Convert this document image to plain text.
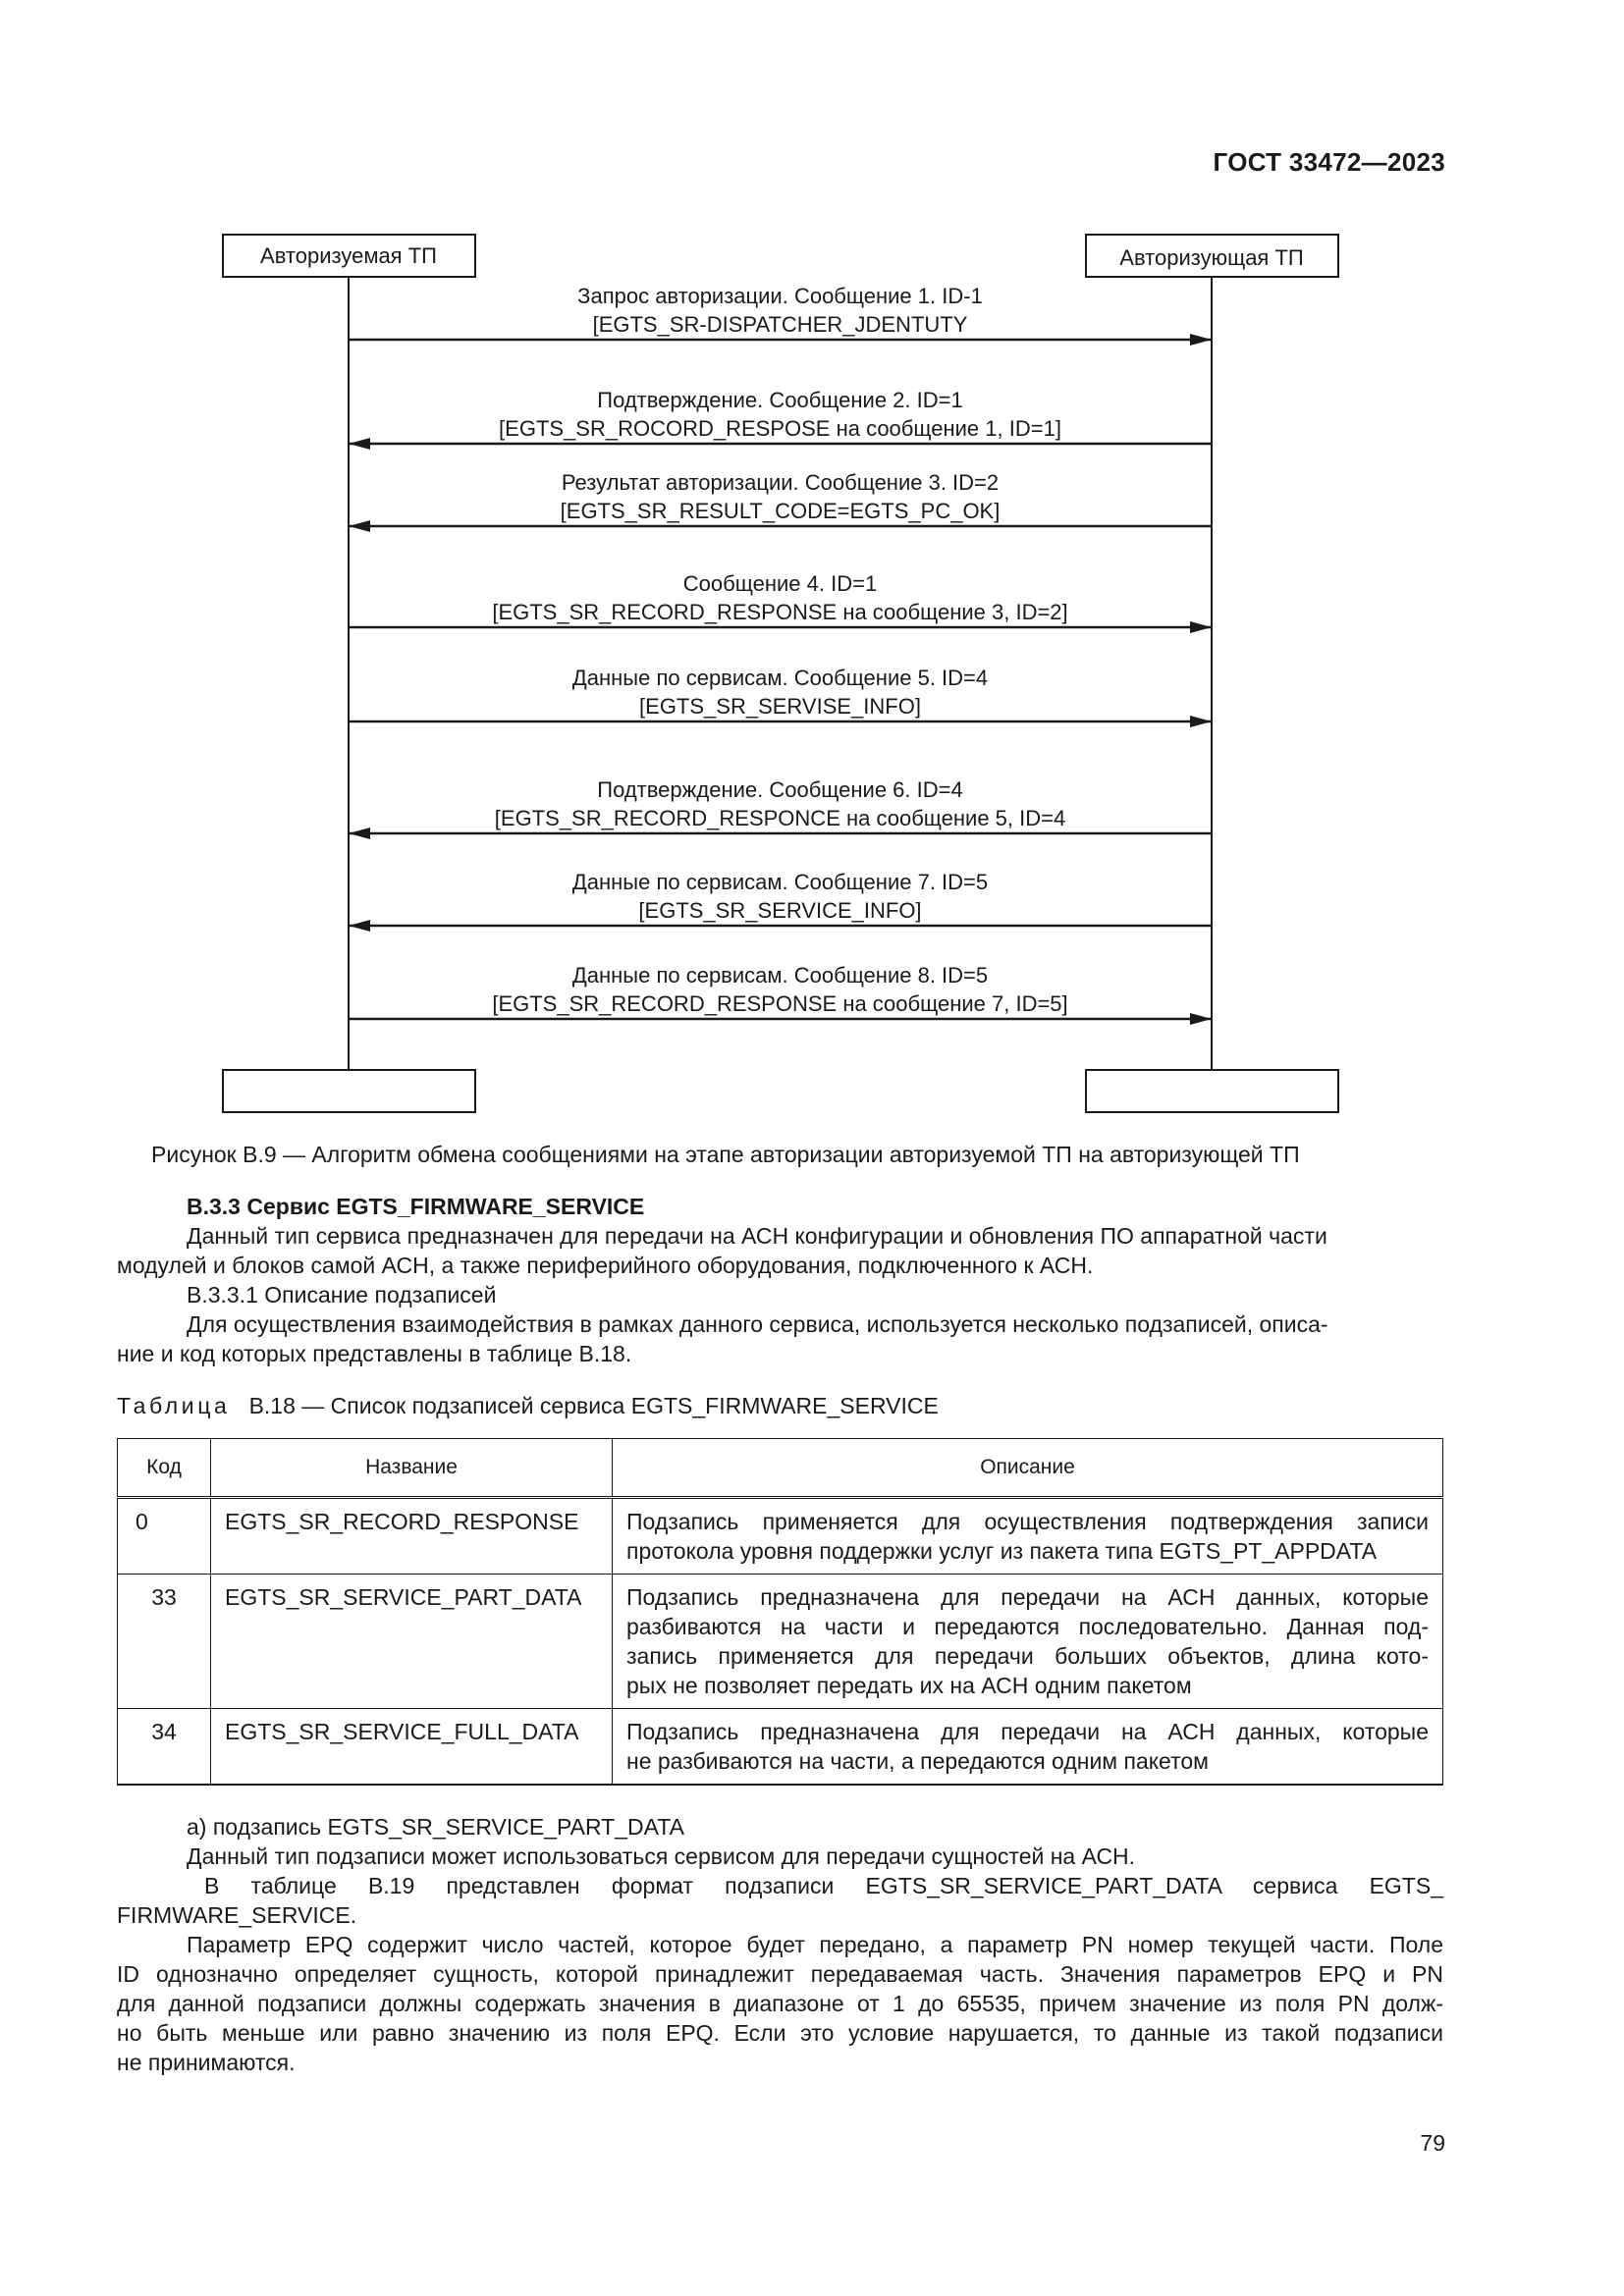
ГОСТ 33472—2023
Авторизуемая ТП	Авторизующая ТП
Запрос авторизации. Сообщение 1. ID-1
[EGTS_SR-DISPATCHER_JDENTUTY
Подтверждение. Сообщение 2. ID=1
[EGTS_SR_ROCORD_RESPOSE на сообщение 1, ID=1]
Результат авторизации. Сообщение 3. ID=2
[EGTS_SR_RESULT_CODE=EGTS_PC_OK]
Сообщение 4. ID=1
[EGTS_SR_RECORD_RESPONSE на сообщение 3, ID=2]
Данные по сервисам. Сообщение 5. ID=4
[EGTS_SR_SERVISE_INFO]
Подтверждение. Сообщение 6. ID=4
[EGTS_SR_RECORD_RESPONCE на сообщение 5, ID=4
Данные по сервисам. Сообщение 7. ID=5
[EGTS_SR_SERVICE_INFO]
Данные по сервисам. Сообщение 8. ID=5
[EGTS_SR_RECORD_RESPONSE на сообщение 7, ID=5]
Рисунок В.9 — Алгоритм обмена сообщениями на этапе авторизации авторизуемой ТП на авторизующей ТП
В.3.3 Сервис EGTS_FIRMWARE_SERVICE
Данный тип сервиса предназначен для передачи на АСН конфигурации и обновления ПО аппаратной части
модулей и блоков самой АСН, а также периферийного оборудования, подключенного к АСН.
В.3.3.1 Описание подзаписей
Для осуществления взаимодействия в рамках данного сервиса, используется несколько подзаписей, описа-
ние и код которых представлены в таблице В.18.
Таблица В.18 — Список подзаписей сервиса EGTS_FIRMWARE_SERVICE
Код	Название	Описание
0	EGTS_SR_RECORD_RESPONSE	Подзапись применяется для осуществления подтверждения записи
протокола уровня поддержки услуг из пакета типа EGTS_PT_APPDATA

33	EGTS_SR_SERVICE_PART_DATA	Подзапись предназначена для передачи на АСН данных, которые
разбиваются на части и передаются последовательно. Данная под-
запись применяется для передачи больших объектов, длина кото-
рых не позволяет передать их на АСН одним пакетом

34	EGTS_SR_SERVICE_FULL_DATA	Подзапись предназначена для передачи на АСН данных, которые
не разбиваются на части, а передаются одним пакетом
а) подзапись EGTS_SR_SERVICE_PART_DATA
Данный тип подзаписи может использоваться сервисом для передачи сущностей на АСН.
В таблице В.19 представлен формат подзаписи EGTS_SR_SERVICE_PART_DATA сервиса EGTS_
FIRMWARE_SERVICE.
Параметр EPQ содержит число частей, которое будет передано, а параметр PN номер текущей части. Поле
ID однозначно определяет сущность, которой принадлежит передаваемая часть. Значения параметров EPQ и PN
для данной подзаписи должны содержать значения в диапазоне от 1 до 65535, причем значение из поля PN долж-
но быть меньше или равно значению из поля EPQ. Если это условие нарушается, то данные из такой подзаписи
не принимаются.
79
